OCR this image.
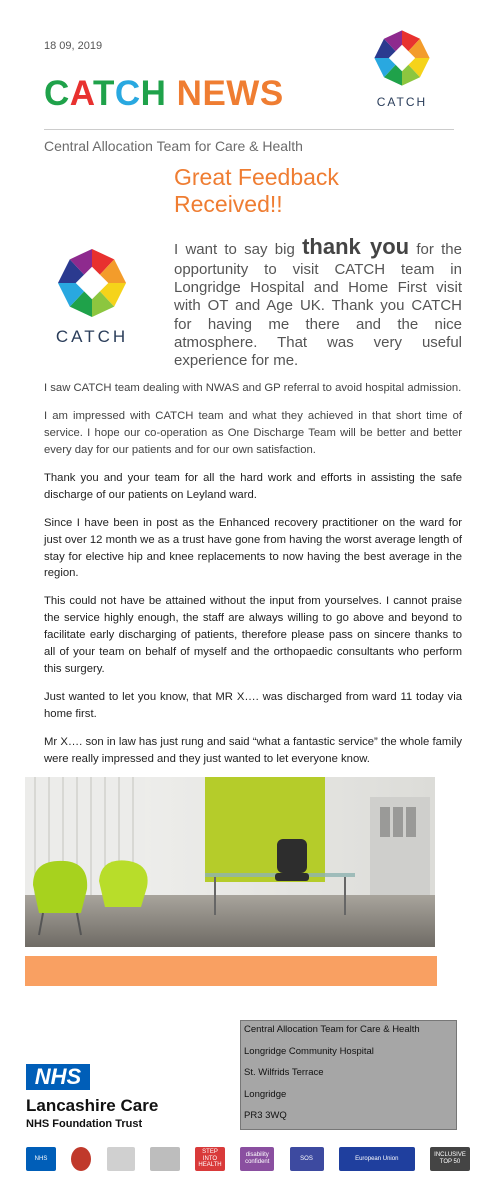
18 09, 2019
CATCH NEWS	CATCH
Central Allocation Team for Care & Health
Great Feedback
Received!!
CATCH
I want to say big thank you for the opportunity to visit CATCH team in Longridge Hospital and Home First visit with OT and Age UK. Thank you CATCH for having me there and the nice atmosphere. That was very useful experience for me.

I saw CATCH team dealing with NWAS and GP referral to avoid hospital admission.

I am impressed with CATCH team and what they achieved in that short time of service. I hope our co-operation as One Discharge Team will be better and better every day for our patients and for our own satisfaction.

Thank you and your team for all the hard work and efforts in assisting the safe discharge of our patients on Leyland ward.

Since I have been in post as the Enhanced recovery practitioner on the ward for just over 12 month we as a trust have gone from having the worst average length of stay for elective hip and knee replacements to now having the best average in the region.

This could not have be attained without the input from yourselves. I cannot praise the service highly enough, the staff are always willing to go above and beyond to facilitate early discharging of patients, therefore please pass on sincere thanks to all of your team on behalf of myself and the orthopaedic consultants who perform this surgery.

Just wanted to let you know, that MR X…. was discharged from ward 11 today via home first.

Mr X…. son in law has just rung and said “what a fantastic service” the whole family were really impressed and they just wanted to let everyone know.

NHS
Lancashire Care
NHS Foundation Trust
Central Allocation Team for Care & Health
Longridge Community Hospital
St. Wilfrids Terrace
Longridge
PR3 3WQ
NHS
STEP INTO HEALTH
disability confident
SOS	European Union
INCLUSIVE TOP 50
